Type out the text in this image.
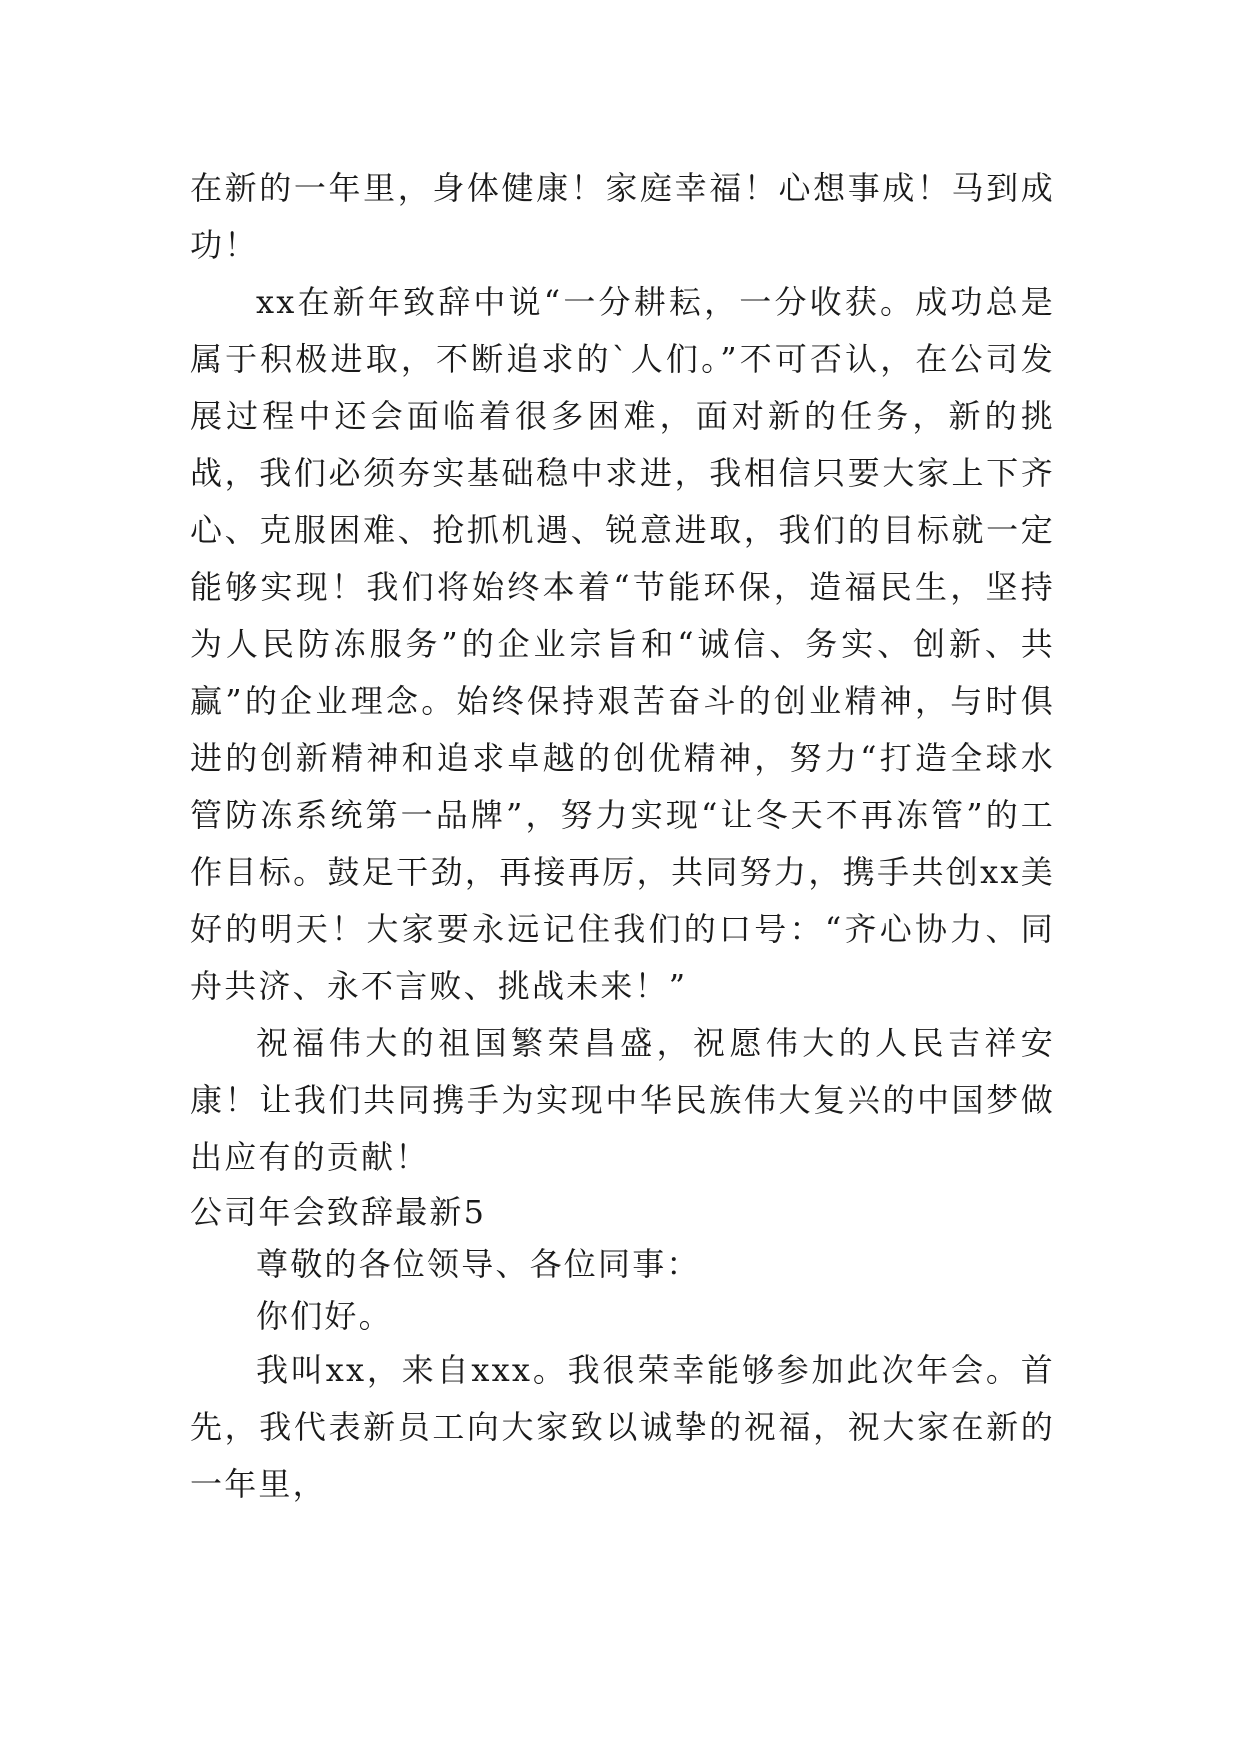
在新的一年里，身体健康！家庭幸福！心想事成！马到成功！

xx在新年致辞中说“一分耕耘，一分收获。成功总是属于积极进取，不断追求的`人们。”不可否认，在公司发展过程中还会面临着很多困难，面对新的任务，新的挑战，我们必须夯实基础稳中求进，我相信只要大家上下齐心、克服困难、抢抓机遇、锐意进取，我们的目标就一定能够实现！我们将始终本着“节能环保，造福民生，坚持为人民防冻服务”的企业宗旨和“诚信、务实、创新、共赢”的企业理念。始终保持艰苦奋斗的创业精神，与时俱进的创新精神和追求卓越的创优精神，努力“打造全球水管防冻系统第一品牌”，努力实现“让冬天不再冻管”的工作目标。鼓足干劲，再接再厉，共同努力，携手共创xx美好的明天！大家要永远记住我们的口号：“齐心协力、同舟共济、永不言败、挑战未来！”

祝福伟大的祖国繁荣昌盛，祝愿伟大的人民吉祥安康！让我们共同携手为实现中华民族伟大复兴的中国梦做出应有的贡献！

公司年会致辞最新5

尊敬的各位领导、各位同事：

你们好。

我叫xx，来自xxx。我很荣幸能够参加此次年会。首先，我代表新员工向大家致以诚挚的祝福，祝大家在新的一年里，
